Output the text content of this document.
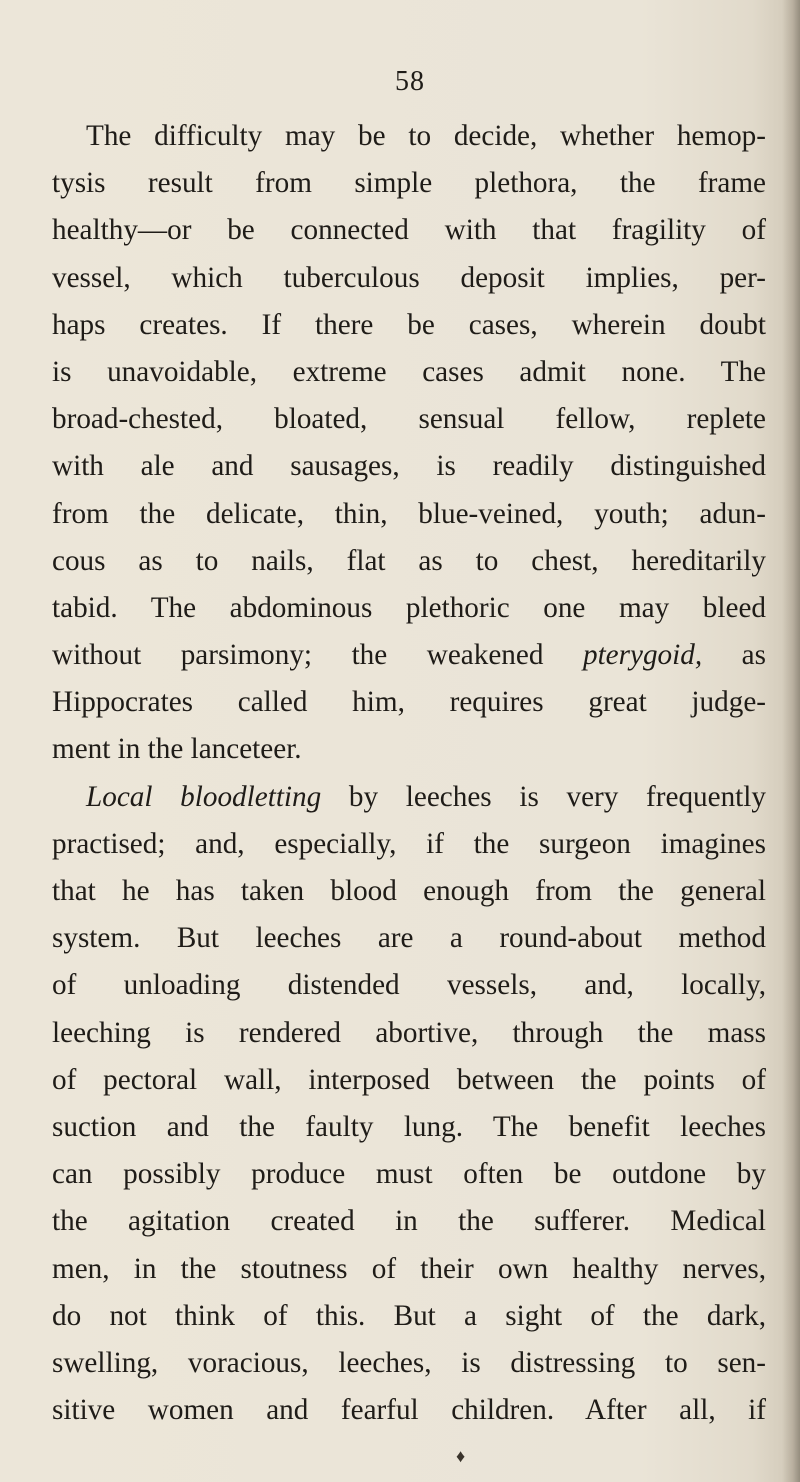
58
The difficulty may be to decide, whether hemop-
tysis result from simple plethora, the frame
healthy—or be connected with that fragility of
vessel, which tuberculous deposit implies, per-
haps creates. If there be cases, wherein doubt
is unavoidable, extreme cases admit none. The
broad-chested, bloated, sensual fellow, replete
with ale and sausages, is readily distinguished
from the delicate, thin, blue-veined, youth; adun-
cous as to nails, flat as to chest, hereditarily
tabid. The abdominous plethoric one may bleed
without parsimony; the weakened pterygoid, as
Hippocrates called him, requires great judge-
ment in the lanceteer.
Local bloodletting by leeches is very frequently
practised; and, especially, if the surgeon imagines
that he has taken blood enough from the general
system. But leeches are a round-about method
of unloading distended vessels, and, locally,
leeching is rendered abortive, through the mass
of pectoral wall, interposed between the points of
suction and the faulty lung. The benefit leeches
can possibly produce must often be outdone by
the agitation created in the sufferer. Medical
men, in the stoutness of their own healthy nerves,
do not think of this. But a sight of the dark,
swelling, voracious, leeches, is distressing to sen-
sitive women and fearful children. After all, if
♦
